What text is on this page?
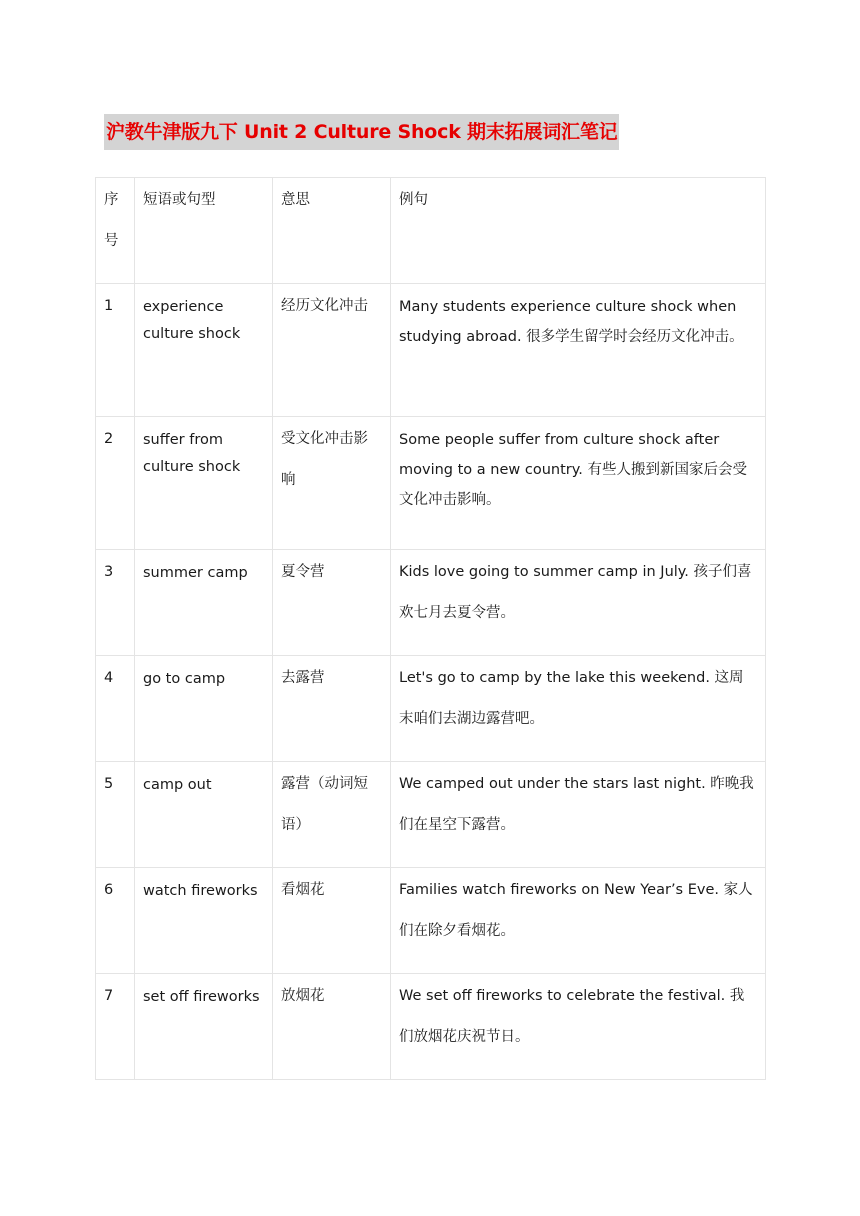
沪教牛津版九下 Unit 2 Culture Shock 期末拓展词汇笔记
序号	短语或句型	意思	例句

1	experience culture shock	经历文化冲击	Many students experience culture shock when studying abroad. 很多学生留学时会经历文化冲击。

2	suffer from culture shock	受文化冲击影响	Some people suffer from culture shock after moving to a new country. 有些人搬到新国家后会受文化冲击影响。

3	summer camp	夏令营	Kids love going to summer camp in July. 孩子们喜欢七月去夏令营。

4	go to camp	去露营	Let's go to camp by the lake this weekend. 这周末咱们去湖边露营吧。

5	camp out	露营（动词短语）	We camped out under the stars last night. 昨晚我们在星空下露营。

6	watch fireworks	看烟花	Families watch fireworks on New Year’s Eve. 家人们在除夕看烟花。

7	set off fireworks	放烟花	We set off fireworks to celebrate the festival. 我们放烟花庆祝节日。
